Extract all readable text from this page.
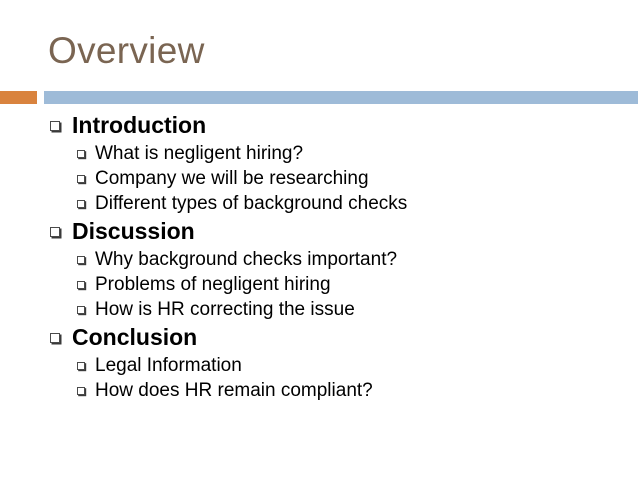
Overview
Introduction
What is negligent hiring?
Company we will be researching
Different types of background checks
Discussion
Why background checks important?
Problems of negligent hiring
How is HR correcting the issue
Conclusion
Legal Information
How does HR remain compliant?
